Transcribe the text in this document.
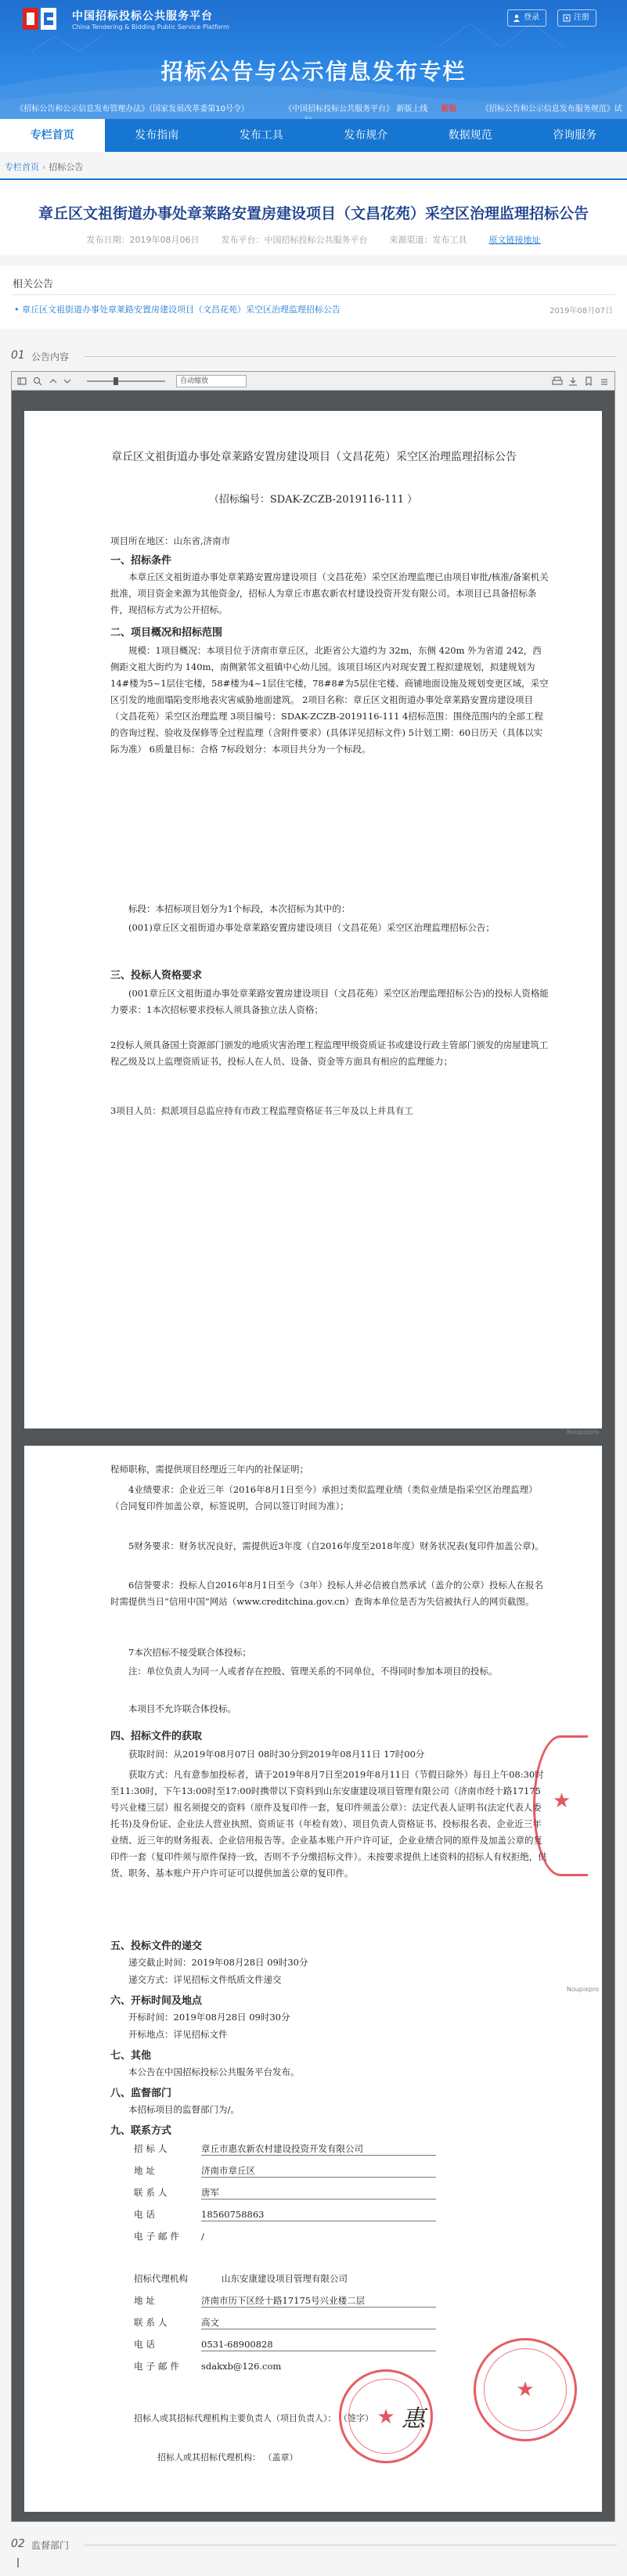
中国招标投标公共服务平台
China Tendering & Bidding Public Service Platform
登录	注册
招标公告与公示信息发布专栏
《招标公告和公示信息发布管理办法》（国家发展改革委第10号令）	《中国招标投标公共服务平台》 新版上线 新版	《招标公告和公示信息发布服务规范》试
专栏首页	发布指南	发布工具	发布规介	数据规范	咨询服务
专栏首页 › 招标公告
章丘区文祖街道办事处章莱路安置房建设项目（文昌花苑）采空区治理监理招标公告
发布日期：2019年08月06日	发布平台：中国招标投标公共服务平台	来源渠道：发布工具	原文链接地址
相关公告
• 章丘区文祖街道办事处章莱路安置房建设项目（文昌花苑）采空区治理监理招标公告	2019年08月07日
01 公告内容
自动缩放
章丘区文祖街道办事处章莱路安置房建设项目（文昌花苑）采空区治理监理招标公告
（招标编号：SDAK-ZCZB-2019116-111 ）
项目所在地区：山东省,济南市
一、招标条件
本章丘区文祖街道办事处章莱路安置房建设项目（文昌花苑）采空区治理监理已由项目审批/核准/备案机关批准，项目资金来源为其他资金/，招标人为章丘市惠农新农村建设投资开发有限公司。本项目已具备招标条件，现招标方式为公开招标。
二、项目概况和招标范围
规模：1项目概况：本项目位于济南市章丘区，北距省公大道约为 32m，东侧 420m 外为省道 242，西侧距文祖大街约为 140m，南侧紧邻文祖镇中心幼儿园。该项目场区内对现安置工程拟建规划，拟建规划为14#楼为5~1层住宅楼，58#楼为4~1层住宅楼，78#8#为5层住宅楼、商铺地面设施及规划变更区域，采空区引发的地面塌陷变形地表灾害威胁地面建筑。 2项目名称：章丘区文祖街道办事处章莱路安置房建设项目（文昌花苑）采空区治理监理 3项目编号：SDAK-ZCZB-2019116-111 4招标范围：围绕范围内的全部工程的咨询过程、验收及保修等全过程监理（含附件要求）(具体详见招标文件) 5计划工期：60日历天（具体以实际为准） 6质量目标：合格 7标段划分：本项目共分为一个标段。
标段：本招标项目划分为1个标段，本次招标为其中的：
(001)章丘区文祖街道办事处章莱路安置房建设项目（文昌花苑）采空区治理监理招标公告；
三、投标人资格要求
(001章丘区文祖街道办事处章莱路安置房建设项目（文昌花苑）采空区治理监理招标公告)的投标人资格能力要求：1本次招标要求投标人须具备独立法人资格；
2投标人须具备国土资源部门颁发的地质灾害治理工程监理甲级资质证书或建设行政主管部门颁发的房屋建筑工程乙级及以上监理资质证书，投标人在人员、设备、资金等方面具有相应的监理能力；
3项目人员：拟派项目总监应持有市政工程监理资格证书三年及以上并具有工
程师职称，需提供项目经理近三年内的社保证明；
4业绩要求：企业近三年（2016年8月1日至今）承担过类似监理业绩（类似业绩是指采空区治理监理）（合同复印件加盖公章，标签说明，合同以签订时间为准）；
5财务要求：财务状况良好，需提供近3年度（自2016年度至2018年度）财务状况表(复印件加盖公章)。
6信誉要求：投标人自2016年8月1日至今（3年）投标人并必信被自然承试（盖介的公章）投标人在报名时需提供当日“信用中国”网站（www.creditchina.gov.cn）查询本单位是否为失信被执行人的网页截图。
7本次招标不接受联合体投标；
注：单位负责人为同一人或者存在控股、管理关系的不同单位，不得同时参加本项目的投标。
本项目不允许联合体投标。
四、招标文件的获取
获取时间：从2019年08月07日 08时30分到2019年08月11日 17时00分
获取方式：凡有意参加投标者，请于2019年8月7日至2019年8月11日（节假日除外）每日上午08:30时至11:30时，下午13:00时至17:00时携带以下资料到山东安康建设项目管理有限公司（济南市经十路17175号兴业楼三层）报名须提交的资料（原件及复印件一套，复印件须盖公章）：法定代表人证明书(法定代表人委托书)及身份证、企业法人营业执照、资质证书（年检有效）、项目负责人资格证书、投标报名表、企业近三年业绩、近三年的财务报表、企业信用报告等。企业基本账户开户许可证，企业业绩合同的原件及加盖公章的复印件一套（复印件须与原件保持一致，否则不予分缴招标文件）。未按要求提供上述资料的招标人有权拒绝，供货、职务、基本账户开户许可证可以提供加盖公章的复印件。
五、投标文件的递交
递交截止时间：2019年08月28日 09时30分
递交方式：详见招标文件纸质文件递交
六、开标时间及地点
开标时间：2019年08月28日 09时30分
开标地点：详见招标文件
七、其他
本公告在中国招标投标公共服务平台发布。
八、监督部门
本招标项目的监督部门为/。
九、联系方式
招标人	章丘市惠农新农村建设投资开发有限公司
地址	济南市章丘区
联系人	唐军
电话	18560758863
电子邮件 /
招标代理机构	山东安康建设项目管理有限公司
地址	济南市历下区经十路17175号兴业楼二层
联系人	高文
电话	0531-68900828
电子邮件 sdakxb@126.com
招标人或其招标代理机构主要负责人（项目负责人）： （签字）
招标人或其招标代理机构： （盖章）
★
★
★
惠
Noupixpro
Noupixpro
02 监督部门
